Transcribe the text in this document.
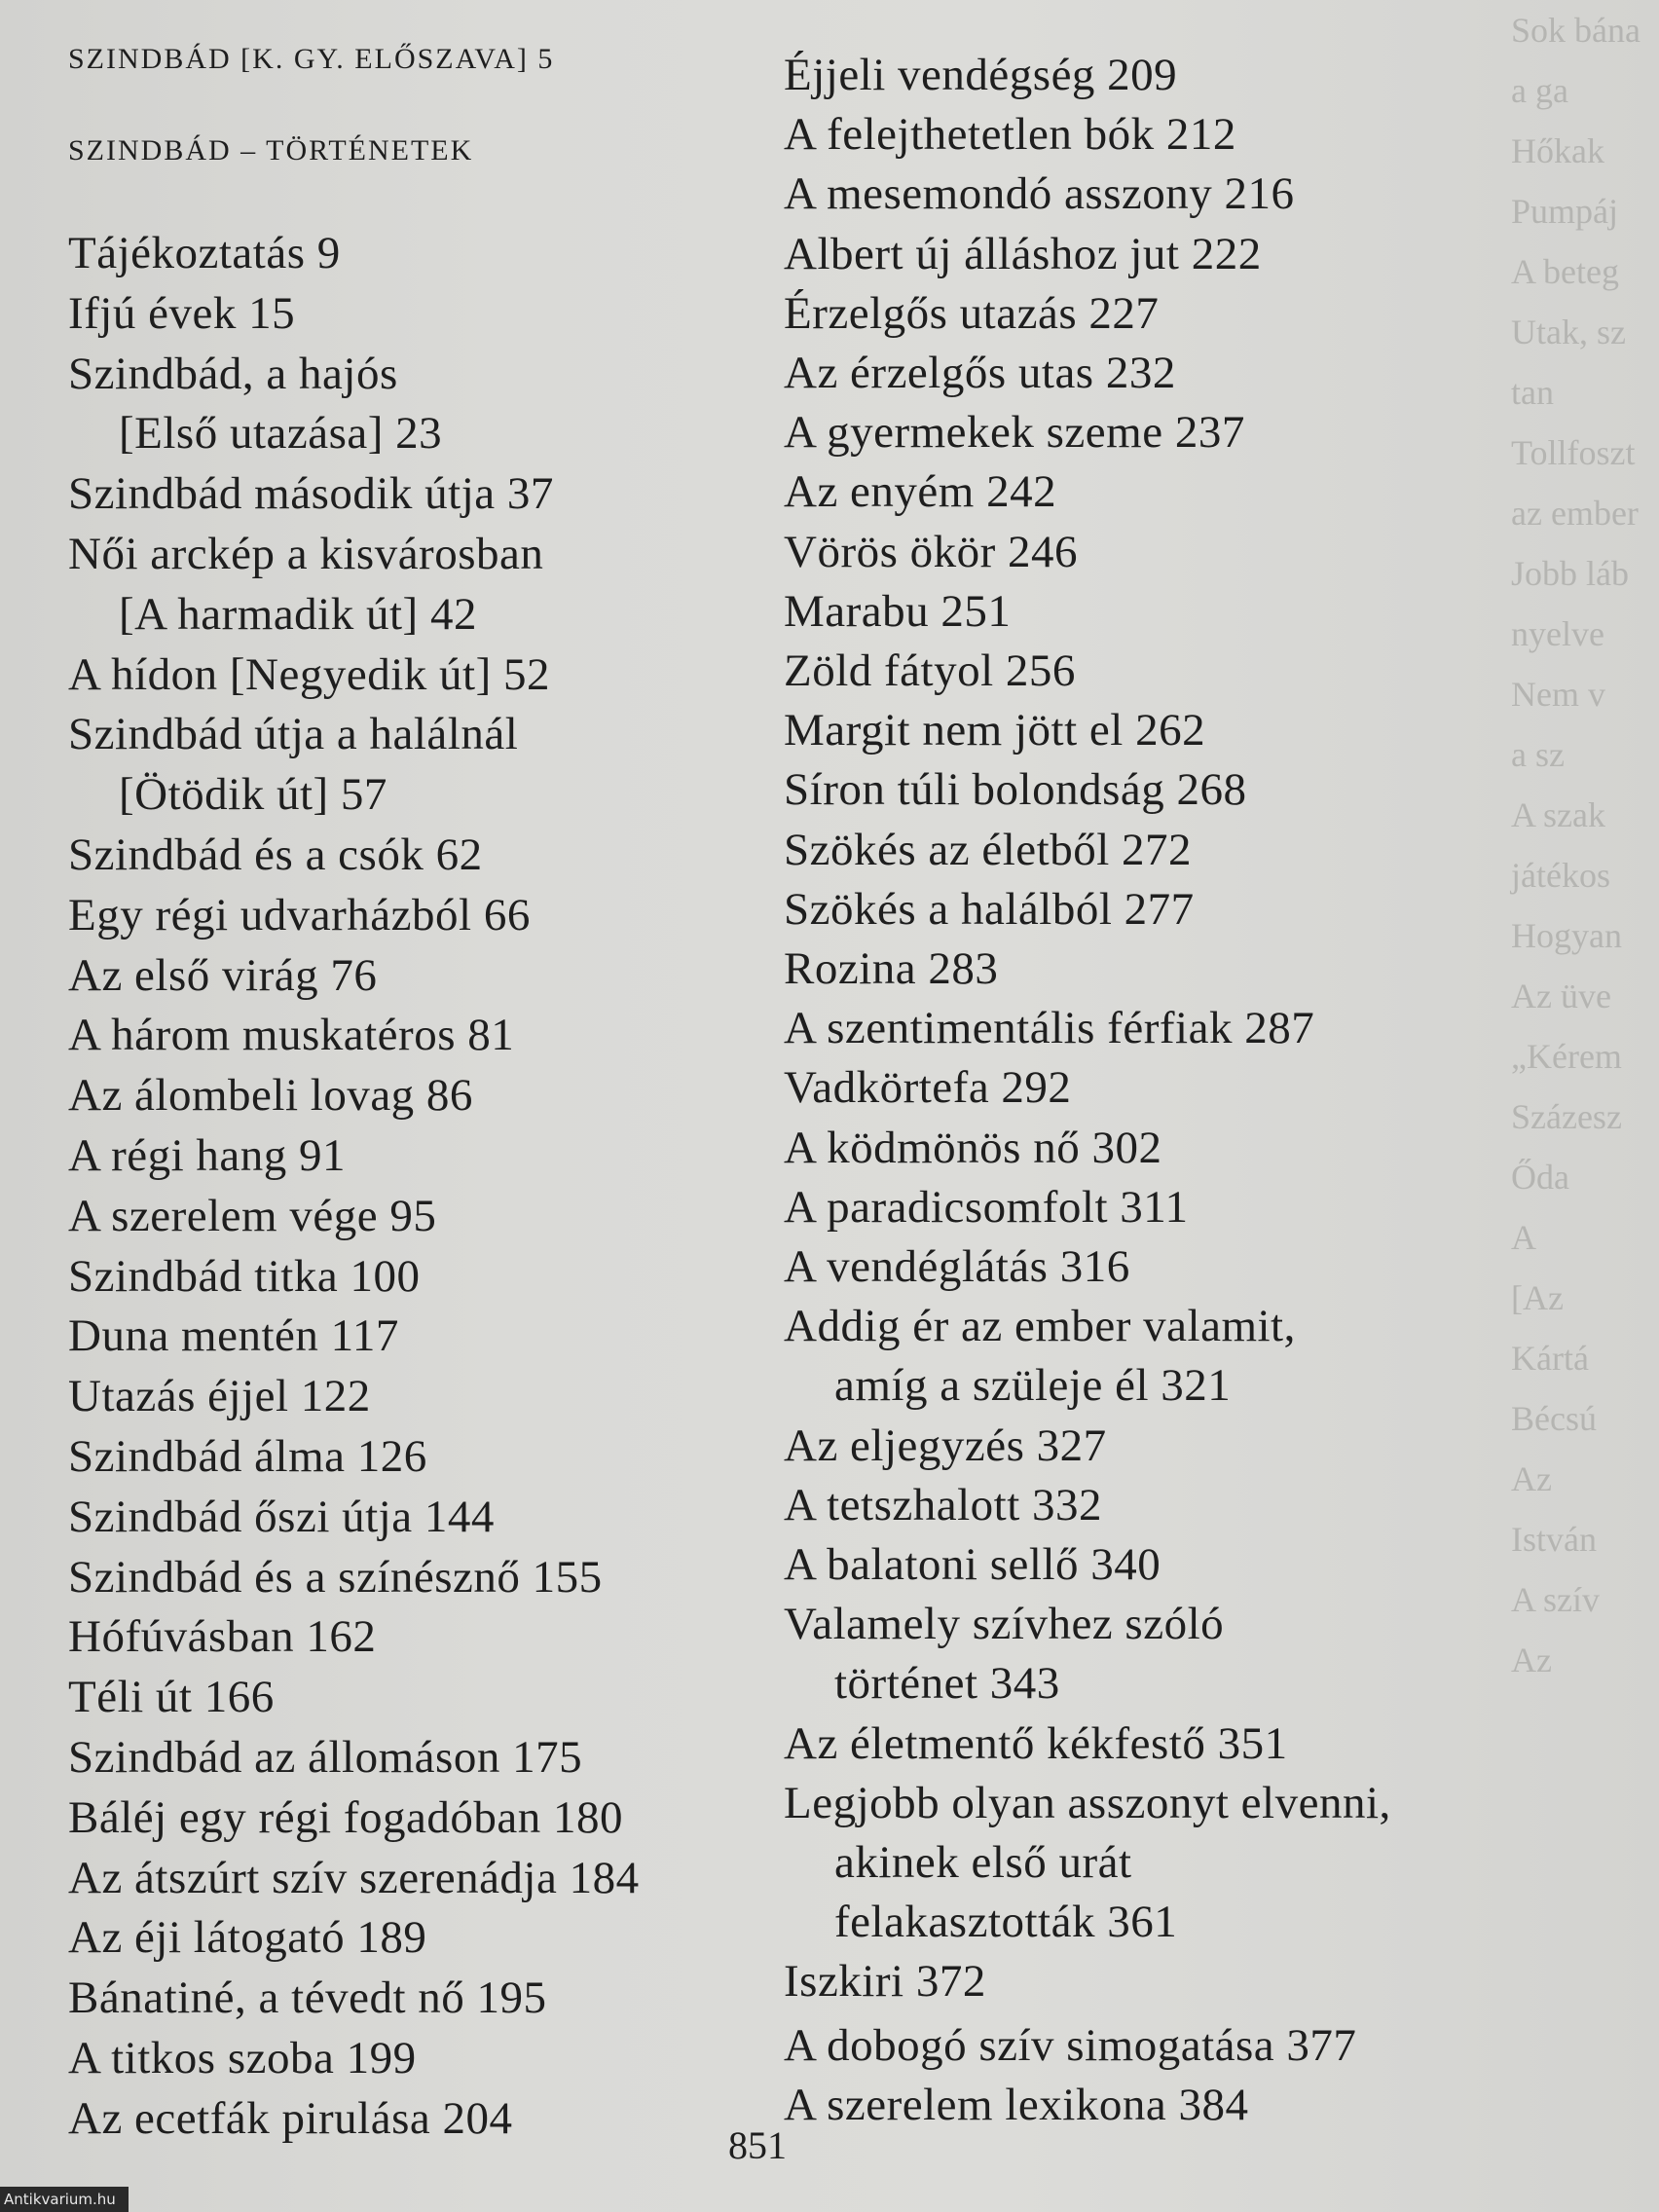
Sok bána
a ga
Hőkak
Pumpáj
A beteg
Utak, sz
tan
Tollfoszt
az ember
Jobb láb
nyelve
Nem v
a sz
A szak
játékos
Hogyan
Az üve
„Kérem
Százesz
Őda
A
[Az
Kártá
Bécsú
Az
István
A szív
Az
SZINDBÁD [K. GY. ELŐSZAVA] 5
SZINDBÁD – TÖRTÉNETEK
Tájékoztatás 9
Ifjú évek 15
Szindbád, a hajós
[Első utazása] 23
Szindbád második útja 37
Női arckép a kisvárosban
[A harmadik út] 42
A hídon [Negyedik út] 52
Szindbád útja a halálnál
[Ötödik út] 57
Szindbád és a csók 62
Egy régi udvarházból 66
Az első virág 76
A három muskatéros 81
Az álombeli lovag 86
A régi hang 91
A szerelem vége 95
Szindbád titka 100
Duna mentén 117
Utazás éjjel 122
Szindbád álma 126
Szindbád őszi útja 144
Szindbád és a színésznő 155
Hófúvásban 162
Téli út 166
Szindbád az állomáson 175
Báléj egy régi fogadóban 180
Az átszúrt szív szerenádja 184
Az éji látogató 189
Bánatiné, a tévedt nő 195
A titkos szoba 199
Az ecetfák pirulása 204
Éjjeli vendégség 209
A felejthetetlen bók 212
A mesemondó asszony 216
Albert új álláshoz jut 222
Érzelgős utazás 227
Az érzelgős utas 232
A gyermekek szeme 237
Az enyém 242
Vörös ökör 246
Marabu 251
Zöld fátyol 256
Margit nem jött el 262
Síron túli bolondság 268
Szökés az életből 272
Szökés a halálból 277
Rozina 283
A szentimentális férfiak 287
Vadkörtefa 292
A ködmönös nő 302
A paradicsomfolt 311
A vendéglátás 316
Addig ér az ember valamit,
amíg a szüleje él 321
Az eljegyzés 327
A tetszhalott 332
A balatoni sellő 340
Valamely szívhez szóló
történet 343
Az életmentő kékfestő 351
Legjobb olyan asszonyt elvenni,
akinek első urát
felakasztották 361
Iszkiri 372
A dobogó szív simogatása 377
A szerelem lexikona 384
851
Antikvarium.hu
